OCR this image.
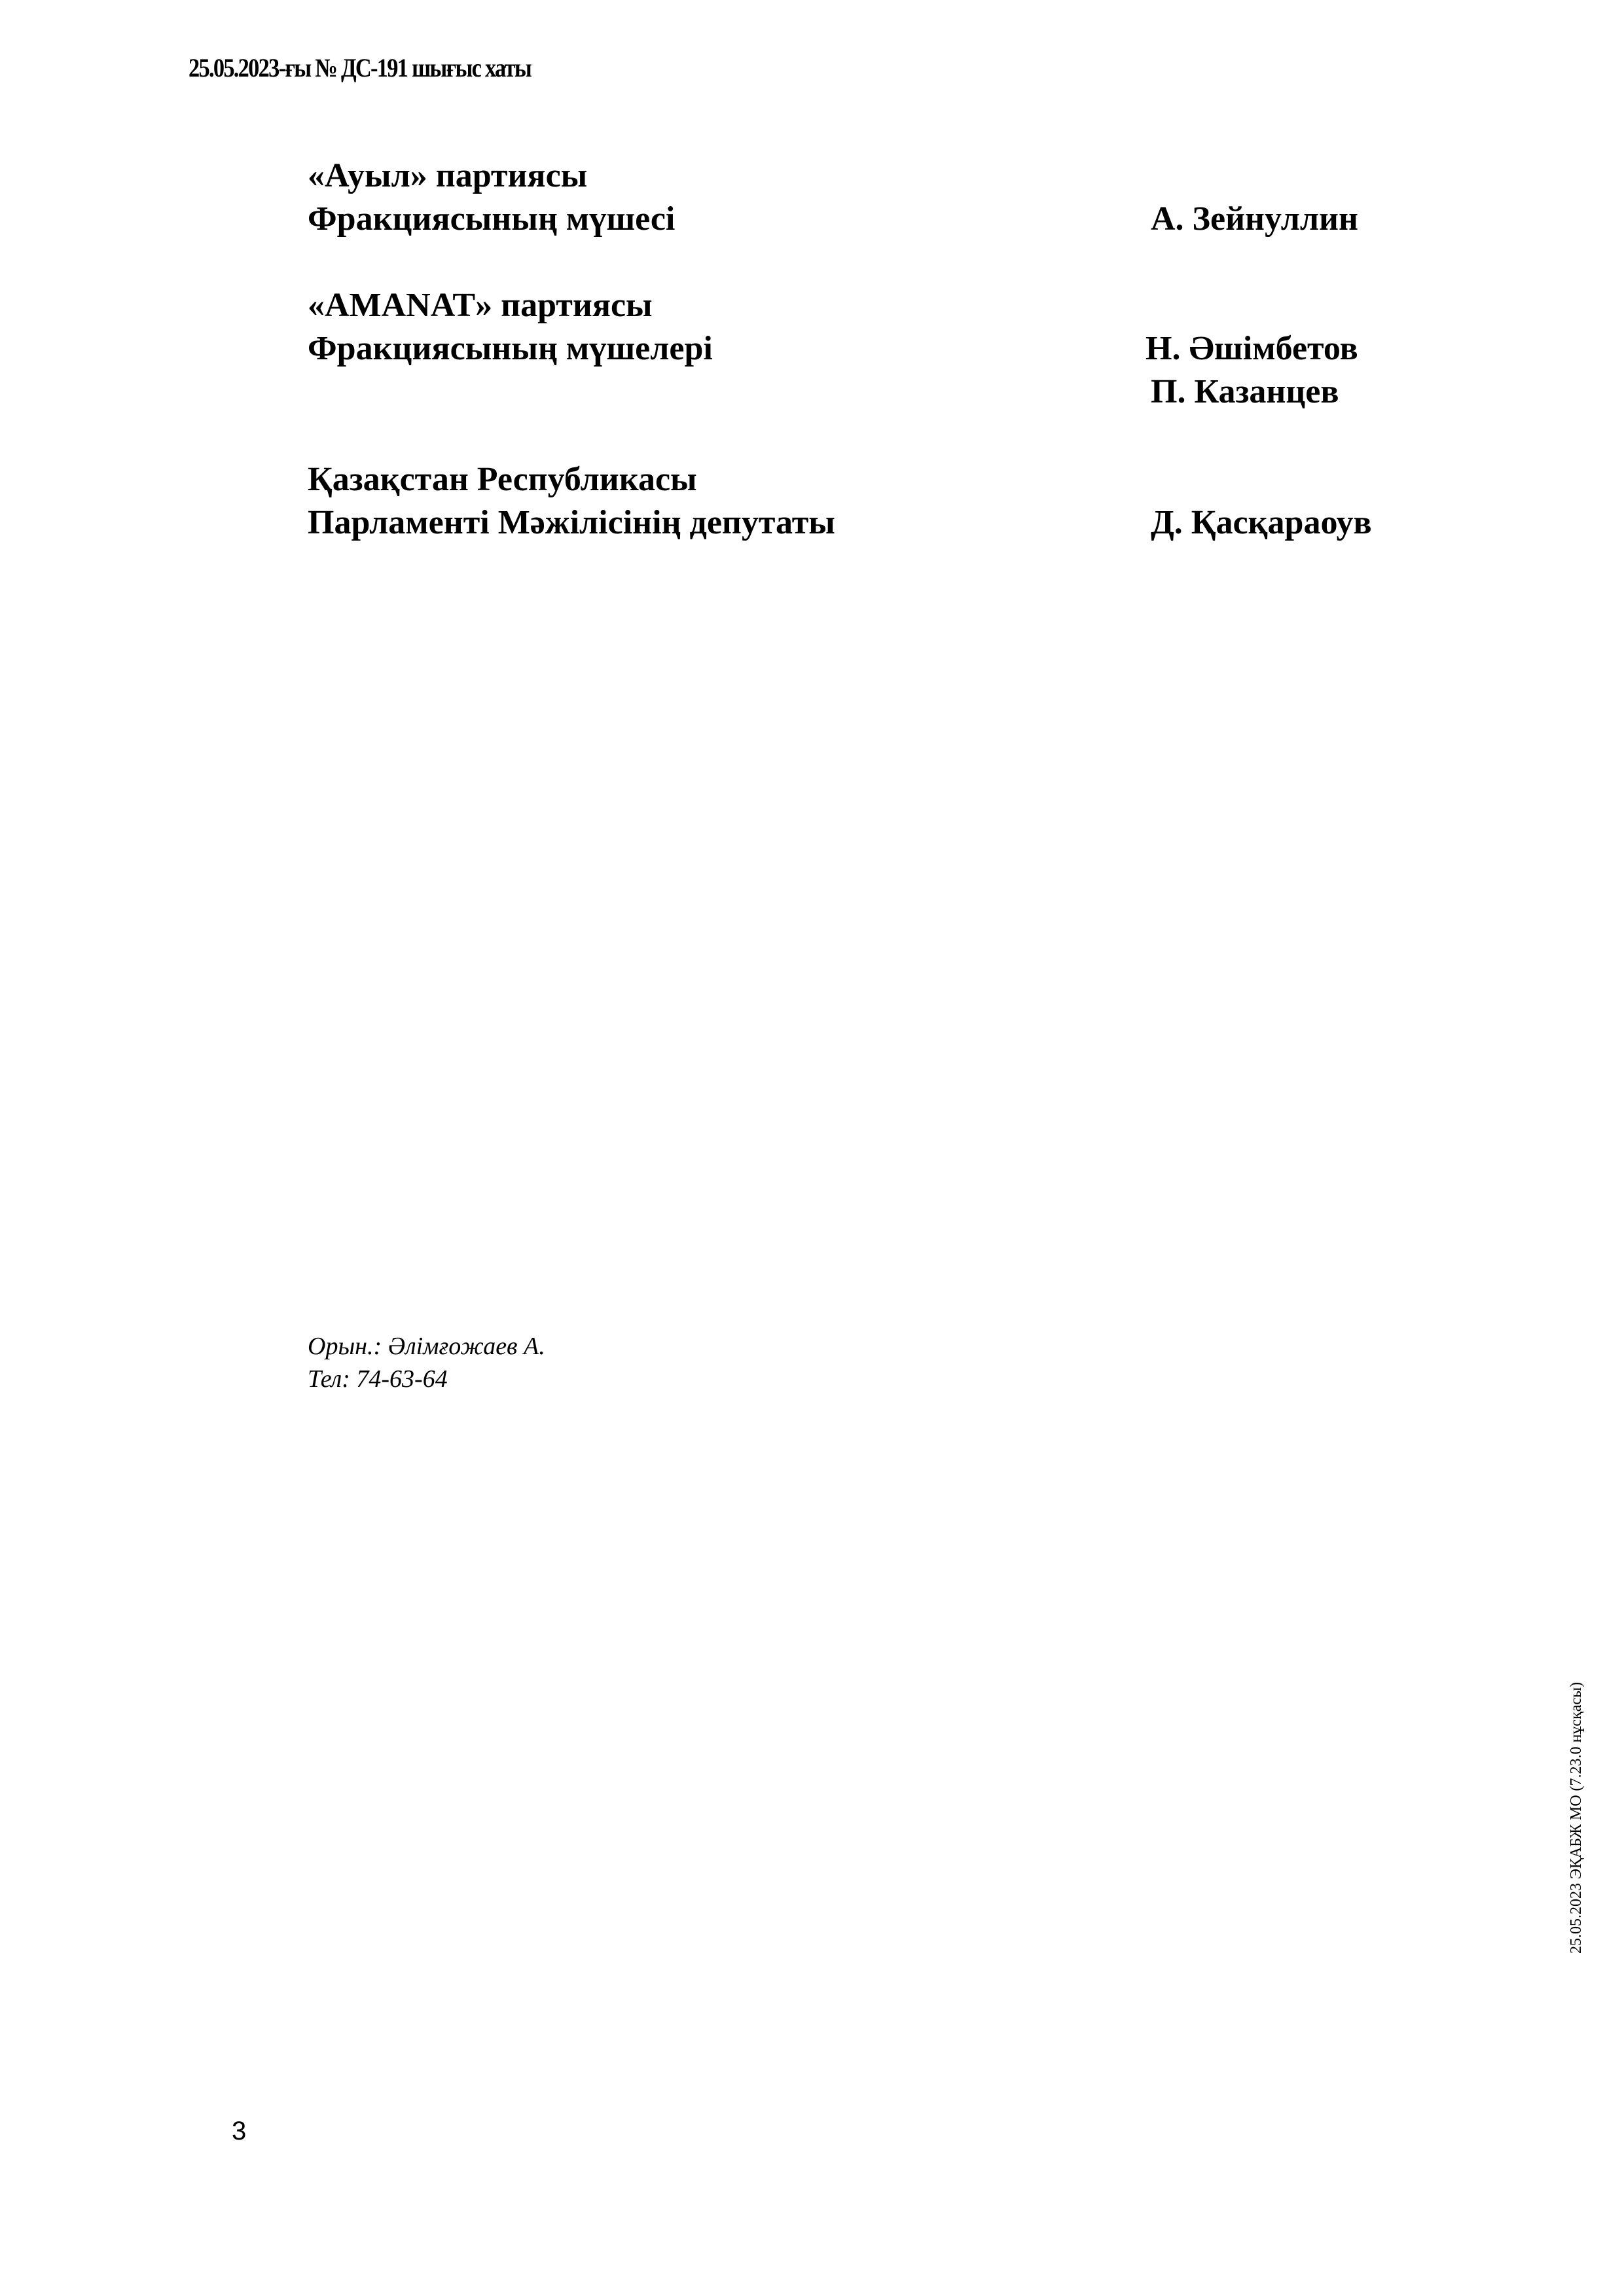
25.05.2023-ғы № ДС-191 шығыс хаты
«Ауыл» партиясы
Фракциясының мүшесі	А. Зейнуллин
«AMANAT» партиясы
Фракциясының мүшелері	Н. Әшімбетов
П. Казанцев
Қазақстан Республикасы
Парламенті Мәжілісінің депутаты	Д. Қасқараоув
Орын.: Әлімғожаев А.
Тел: 74-63-64
25.05.2023 ЭҚАБЖ МО (7.23.0 нұсқасы)
3
